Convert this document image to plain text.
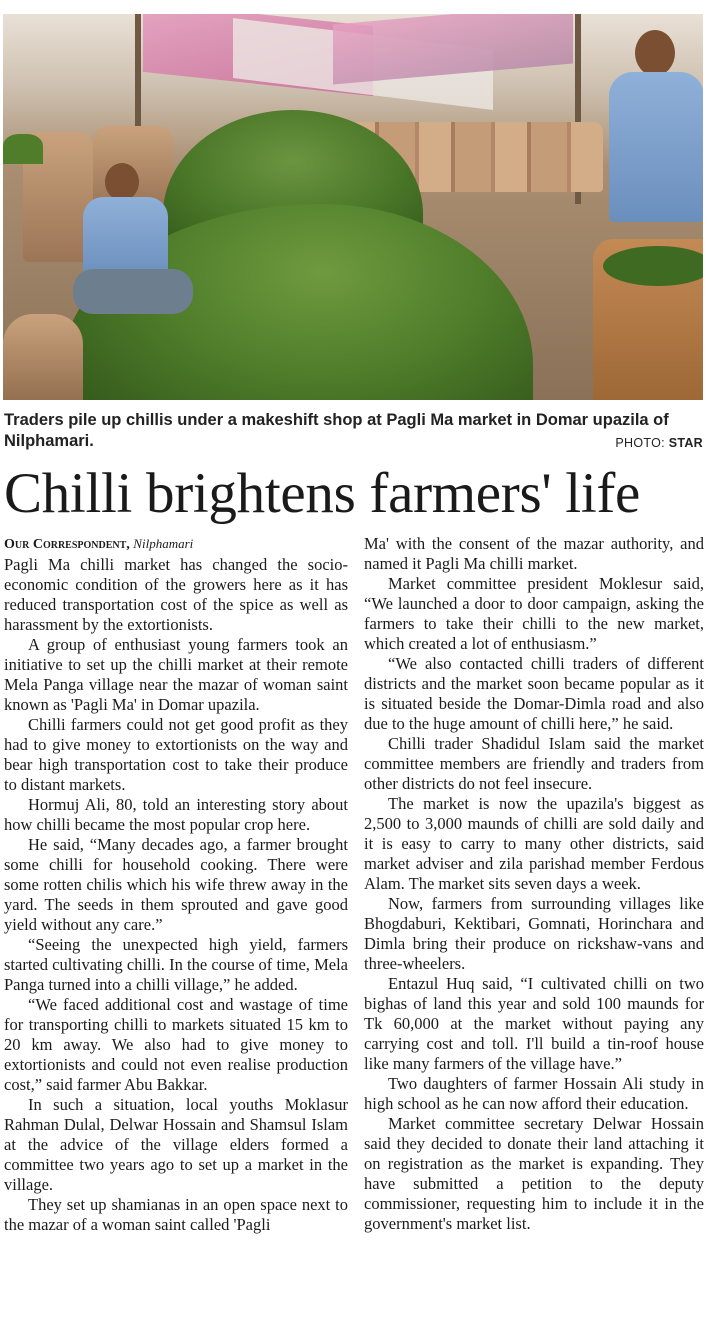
Traders pile up chillis under a makeshift shop at Pagli Ma market in Domar upazila of Nilphamari.	PHOTO: STAR
Chilli brightens farmers' life
Our Correspondent, Nilphamari

Pagli Ma chilli market has changed the socio-economic condition of the growers here as it has reduced transportation cost of the spice as well as harassment by the extortionists.

A group of enthusiast young farmers took an initiative to set up the chilli market at their remote Mela Panga village near the mazar of woman saint known as 'Pagli Ma' in Domar upazila.

Chilli farmers could not get good profit as they had to give money to extortionists on the way and bear high transportation cost to take their produce to distant markets.

Hormuj Ali, 80, told an interesting story about how chilli became the most popular crop here.

He said, “Many decades ago, a farmer brought some chilli for household cooking. There were some rotten chilis which his wife threw away in the yard. The seeds in them sprouted and gave good yield without any care.”

“Seeing the unexpected high yield, farmers started cultivating chilli. In the course of time, Mela Panga turned into a chilli village,” he added.

“We faced additional cost and wastage of time for transporting chilli to markets situated 15 km to 20 km away. We also had to give money to extortionists and could not even realise production cost,” said farmer Abu Bakkar.

In such a situation, local youths Moklasur Rahman Dulal, Delwar Hossain and Shamsul Islam at the advice of the village elders formed a committee two years ago to set up a market in the village.

They set up shamianas in an open space next to the mazar of a woman saint called 'Pagli

Ma' with the consent of the mazar authority, and named it Pagli Ma chilli market.

Market committee president Moklesur said, “We launched a door to door campaign, asking the farmers to take their chilli to the new market, which created a lot of enthusiasm.”

“We also contacted chilli traders of different districts and the market soon became popular as it is situated beside the Domar-Dimla road and also due to the huge amount of chilli here,” he said.

Chilli trader Shadidul Islam said the market committee members are friendly and traders from other districts do not feel insecure.

The market is now the upazila's biggest as 2,500 to 3,000 maunds of chilli are sold daily and it is easy to carry to many other districts, said market adviser and zila parishad member Ferdous Alam. The market sits seven days a week.

Now, farmers from surrounding villages like Bhogdaburi, Kektibari, Gomnati, Horinchara and Dimla bring their produce on rickshaw-vans and three-wheelers.

Entazul Huq said, “I cultivated chilli on two bighas of land this year and sold 100 maunds for Tk 60,000 at the market without paying any carrying cost and toll. I'll build a tin-roof house like many farmers of the village have.”

Two daughters of farmer Hossain Ali study in high school as he can now afford their education.

Market committee secretary Delwar Hossain said they decided to donate their land attaching it on registration as the market is expanding. They have submitted a petition to the deputy commissioner, requesting him to include it in the government's market list.
